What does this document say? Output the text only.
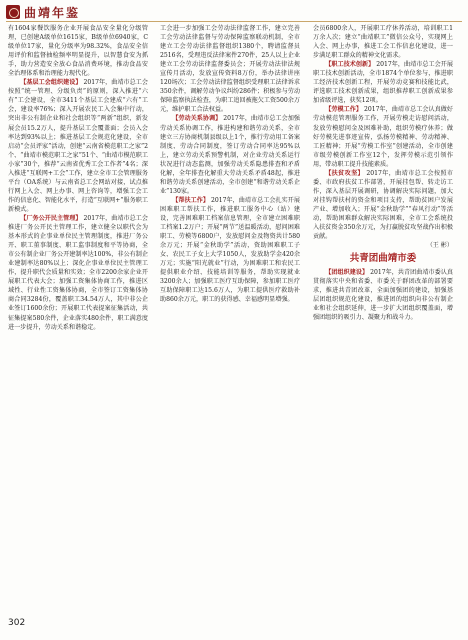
曲靖年鉴

有1604家餐饮服务企业开展食品安全量化分级管理，已创建A级单位1615家，B级单位6940家，C级单位17家，量化分级率为98.32%，食品安全信用评价和监督抽检频率明显提升，以智慧食安为抓手，助力营造安全放心食品消费环境，推动食品安全治理体系和治理能力现代化。

【基层工会组织建设】 2017年，曲靖市总工会按照“统一管理、分级负责”的原则，深入推进“六有”工会建设，全市3411个基层工会建成“六有”工会，建设率76%；深入开展农民工入会集中行动，突出非公有制企业和社会组织等“两新”组织，新发展会员15.2万人，提升基层工会覆盖面；会员入会率达到93%以上；推进基层工会规范化建设，全市启动“会员评家”活动，创建“云南省模范职工之家”2个、“曲靖市模范职工之家”51个、“曲靖市模范职工小家”30个，推荐“云南省优秀工会工作者”4名；深入推进“互联网+工会”工作，建立全市工会管理服务平台（OA系统）与云南省总工会网站对接，试点推行网上入会、网上办事、网上咨询等，增强工会工作的信息化、智能化水平，打造“互联网+”服务职工新模式。

【厂务公开民主管理】 2017年，曲靖市总工会推进厂务公开民主管理工作，建立健全以职代会为基本形式的企事业单位民主管理制度，推进厂务公开、职工董事制度、职工监事制度和平等协商，全市公有制企业厂务公开建制率达100%，非公有制企业建制率达80%以上；深化企事业单位民主管理工作，提升职代会质量和实效；全市2200余家企业开展职工代表大会；加强工资集体协商工作，推进区域性、行业性工资集体协商，全市签订工资集体协商合同3284份，覆盖职工34.54万人，其中非公企业签订1600余份；开展职工代表提案征集活动，共征集提案580余件，企业落实480余件，职工满意度进一步提升，劳动关系和谐稳定。

工会进一步加强工会劳动法律监督工作，建立完善工会劳动法律监督与劳动保障监察联动机制，全市建立工会劳动法律监督组织1380个，聘请监督员2516名，受理违反法律案件270件，25人以上企业建立工会劳动法律监督委员会；开展劳动法律法规宣传月活动，发放宣传资料8万份，举办法律讲座120场次；工会劳动法律监督组织受理职工法律诉求350余件，调解劳动争议纠纷286件；积极参与劳动保障监察执法检查，为职工追回被拖欠工资500余万元，维护职工合法权益。

【劳动关系协调】 2017年，曲靖市总工会加强劳动关系协调工作，推进构建和谐劳动关系，全市建立三方协商机制县级以上1个，推行劳动用工备案制度、劳动合同制度，签订劳动合同率达95%以上，建立劳动关系预警机制，对企业劳动关系运行状况进行动态监测，加强劳动关系隐患排查和矛盾化解，全年排查化解重大劳动关系矛盾48起，推进和谐劳动关系创建活动，全市创建“和谐劳动关系企业”130家。

【帮扶工作】 2017年，曲靖市总工会扎实开展困难职工帮扶工作，推进职工服务中心（站）建设，完善困难职工档案信息管理，全市建立困难职工档案1.2万户；开展“两节”送温暖活动，慰问困难职工、劳模等6800户，发放慰问金及物资共计580余万元；开展“金秋助学”活动，资助困难职工子女、农民工子女上大学1050人，发放助学金420余万元；实施“阳光就业”行动，为困难职工和农民工提供职业介绍、技能培训等服务，帮助实现就业3200余人；加强职工医疗互助保障，参加职工医疗互助保障职工达15.6万人，为职工提供医疗救助补助860余万元，职工的获得感、幸福感明显增强。

会员6800余人，开展职工疗休养活动，培训职工1万余人次；建立“曲靖职工”微信公众号，实现网上入会、网上办事，推进工会工作信息化建设，进一步满足职工群众的精神文化需求。

【职工技术创新】 2017年，曲靖市总工会开展职工技术创新活动，全市1874个单位参与，推进职工经济技术创新工程，开展劳动竞赛和技能比武，评选职工技术创新成果，组织推荐职工创新成果参加省级评选，获奖12项。

【劳模工作】 2017年，曲靖市总工会认真做好劳动模范管理服务工作，开展劳模走访慰问活动，发放劳模慰问金及困难补助，组织劳模疗休养；做好劳模先进事迹宣传，弘扬劳模精神、劳动精神、工匠精神；开展“劳模工作室”创建活动，全市创建市级劳模创新工作室12个，发挥劳模示范引领作用，带动职工提升技能素质。

【扶贫攻坚】 2017年，曲靖市总工会按照市委、市政府扶贫工作部署，开展挂包帮、转走访工作，深入基层开展调研，协调解决实际问题，加大对挂钩帮扶村的资金和项目支持，帮助贫困户发展产业、增加收入；开展“金秋助学”“春风行动”等活动，帮助困难群众解决实际困难，全市工会系统投入扶贫资金350余万元，为打赢脱贫攻坚战作出积极贡献。

（王 彬）

共青团曲靖市委

【团组织建设】 2017年，共青团曲靖市委认真贯彻落实中央和省委、市委关于群团改革的部署要求，推进共青团改革，全面加强团的建设，加强基层团组织规范化建设，推进团的组织向非公有制企业和社会组织延伸，进一步扩大团组织覆盖面，增强团组织的吸引力、凝聚力和战斗力。

302
